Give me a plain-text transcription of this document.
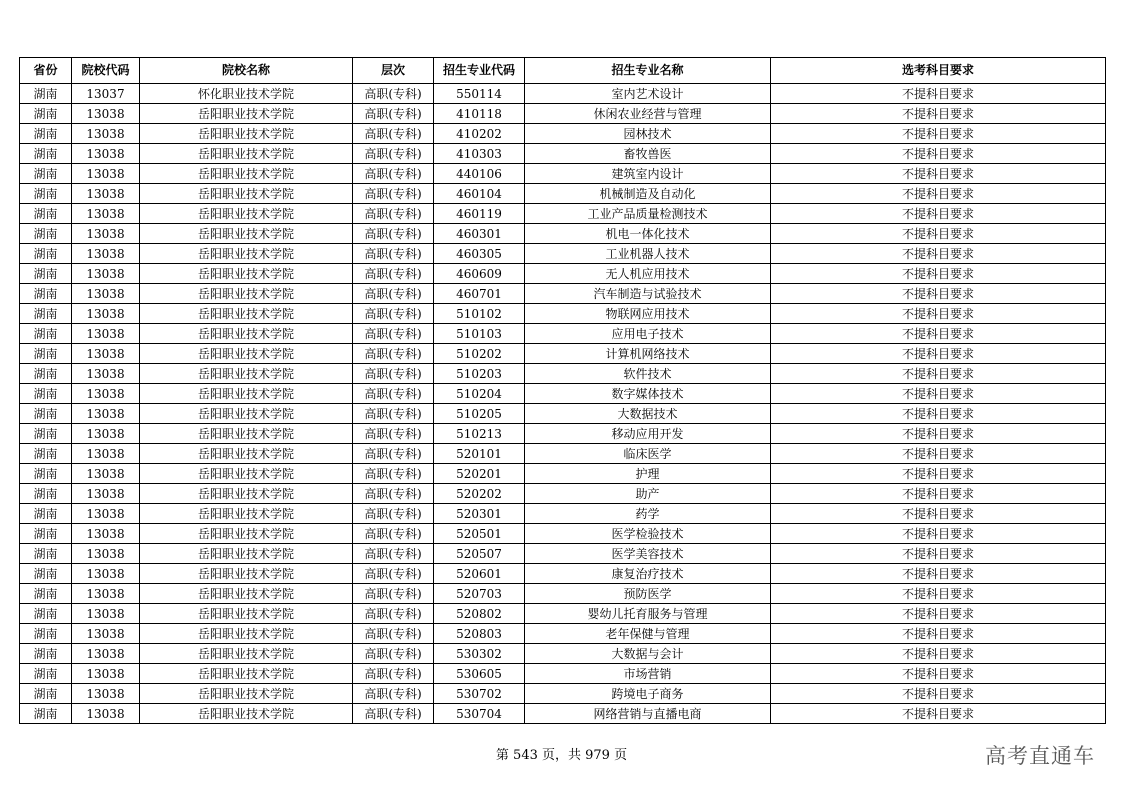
省份	院校代码	院校名称	层次	招生专业代码	招生专业名称	选考科目要求
湖南	13037	怀化职业技术学院	高职(专科)	550114	室内艺术设计	不提科目要求
湖南	13038	岳阳职业技术学院	高职(专科)	410118	休闲农业经营与管理	不提科目要求
湖南	13038	岳阳职业技术学院	高职(专科)	410202	园林技术	不提科目要求
湖南	13038	岳阳职业技术学院	高职(专科)	410303	畜牧兽医	不提科目要求
湖南	13038	岳阳职业技术学院	高职(专科)	440106	建筑室内设计	不提科目要求
湖南	13038	岳阳职业技术学院	高职(专科)	460104	机械制造及自动化	不提科目要求
湖南	13038	岳阳职业技术学院	高职(专科)	460119	工业产品质量检测技术	不提科目要求
湖南	13038	岳阳职业技术学院	高职(专科)	460301	机电一体化技术	不提科目要求
湖南	13038	岳阳职业技术学院	高职(专科)	460305	工业机器人技术	不提科目要求
湖南	13038	岳阳职业技术学院	高职(专科)	460609	无人机应用技术	不提科目要求
湖南	13038	岳阳职业技术学院	高职(专科)	460701	汽车制造与试验技术	不提科目要求
湖南	13038	岳阳职业技术学院	高职(专科)	510102	物联网应用技术	不提科目要求
湖南	13038	岳阳职业技术学院	高职(专科)	510103	应用电子技术	不提科目要求
湖南	13038	岳阳职业技术学院	高职(专科)	510202	计算机网络技术	不提科目要求
湖南	13038	岳阳职业技术学院	高职(专科)	510203	软件技术	不提科目要求
湖南	13038	岳阳职业技术学院	高职(专科)	510204	数字媒体技术	不提科目要求
湖南	13038	岳阳职业技术学院	高职(专科)	510205	大数据技术	不提科目要求
湖南	13038	岳阳职业技术学院	高职(专科)	510213	移动应用开发	不提科目要求
湖南	13038	岳阳职业技术学院	高职(专科)	520101	临床医学	不提科目要求
湖南	13038	岳阳职业技术学院	高职(专科)	520201	护理	不提科目要求
湖南	13038	岳阳职业技术学院	高职(专科)	520202	助产	不提科目要求
湖南	13038	岳阳职业技术学院	高职(专科)	520301	药学	不提科目要求
湖南	13038	岳阳职业技术学院	高职(专科)	520501	医学检验技术	不提科目要求
湖南	13038	岳阳职业技术学院	高职(专科)	520507	医学美容技术	不提科目要求
湖南	13038	岳阳职业技术学院	高职(专科)	520601	康复治疗技术	不提科目要求
湖南	13038	岳阳职业技术学院	高职(专科)	520703	预防医学	不提科目要求
湖南	13038	岳阳职业技术学院	高职(专科)	520802	婴幼儿托育服务与管理	不提科目要求
湖南	13038	岳阳职业技术学院	高职(专科)	520803	老年保健与管理	不提科目要求
湖南	13038	岳阳职业技术学院	高职(专科)	530302	大数据与会计	不提科目要求
湖南	13038	岳阳职业技术学院	高职(专科)	530605	市场营销	不提科目要求
湖南	13038	岳阳职业技术学院	高职(专科)	530702	跨境电子商务	不提科目要求
湖南	13038	岳阳职业技术学院	高职(专科)	530704	网络营销与直播电商	不提科目要求
第 543 页，共 979 页	高考直通车
